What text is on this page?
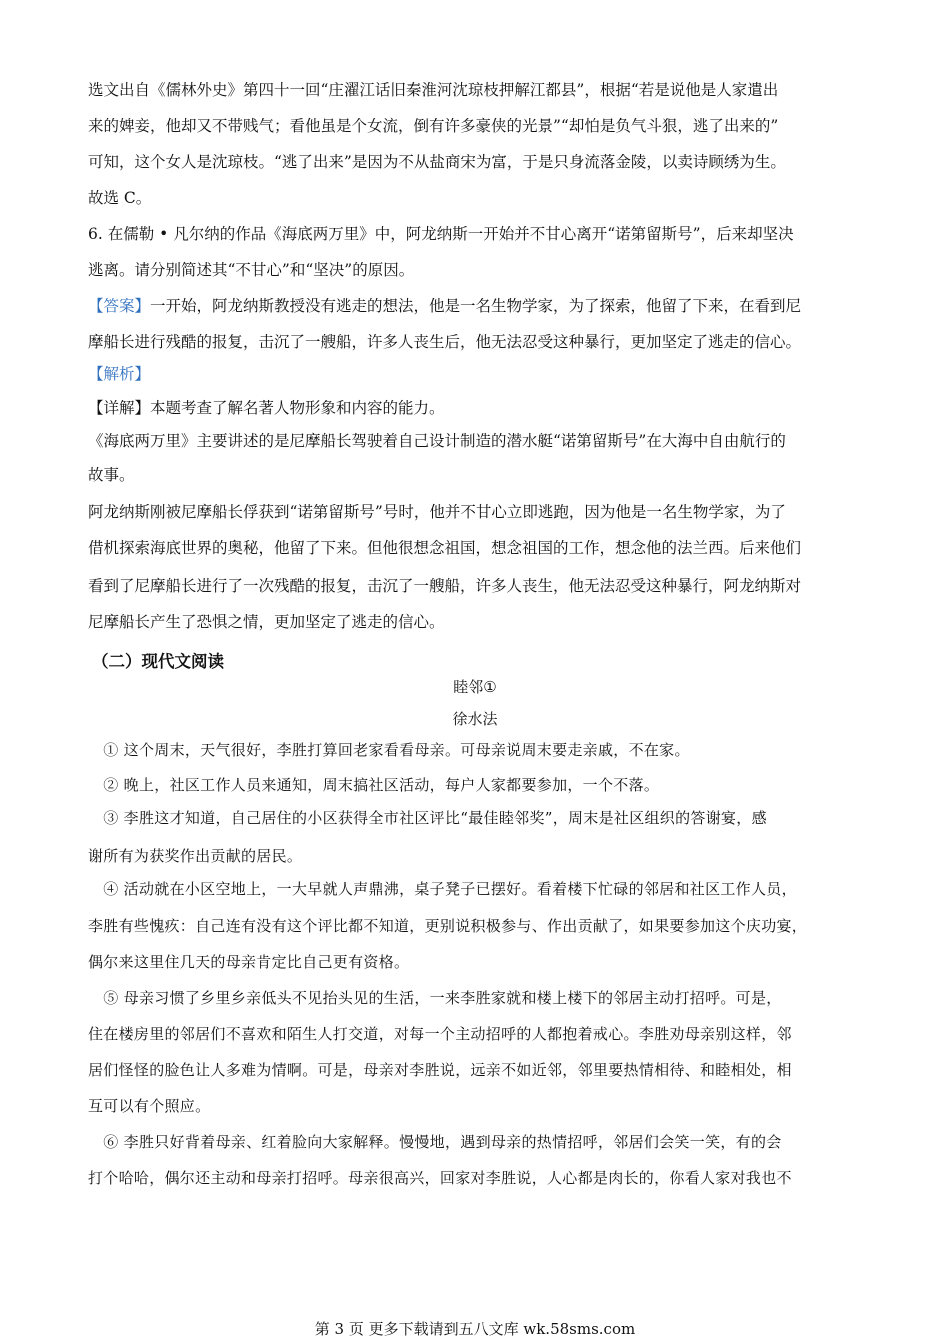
选文出自《儒林外史》第四十一回“庄濯江话旧秦淮河沈琼枝押解江都县”，根据“若是说他是人家遣出
来的婢妾，他却又不带贱气；看他虽是个女流，倒有许多豪侠的光景”“却怕是负气斗狠，逃了出来的”
可知，这个女人是沈琼枝。“逃了出来”是因为不从盐商宋为富，于是只身流落金陵，以卖诗顾绣为生。
故选 C。
6. 在儒勒 • 凡尔纳的作品《海底两万里》中，阿龙纳斯一开始并不甘心离开“诺第留斯号”，后来却坚决
逃离。请分别简述其“不甘心”和“坚决”的原因。
【答案】一开始，阿龙纳斯教授没有逃走的想法，他是一名生物学家，为了探索，他留了下来，在看到尼
摩船长进行残酷的报复，击沉了一艘船，许多人丧生后，他无法忍受这种暴行，更加坚定了逃走的信心。
【解析】
【详解】本题考查了解名著人物形象和内容的能力。
《海底两万里》主要讲述的是尼摩船长驾驶着自己设计制造的潜水艇“诺第留斯号”在大海中自由航行的
故事。
阿龙纳斯刚被尼摩船长俘获到“诺第留斯号”号时，他并不甘心立即逃跑，因为他是一名生物学家，为了
借机探索海底世界的奥秘，他留了下来。但他很想念祖国，想念祖国的工作，想念他的法兰西。后来他们
看到了尼摩船长进行了一次残酷的报复，击沉了一艘船，许多人丧生，他无法忍受这种暴行，阿龙纳斯对
尼摩船长产生了恐惧之情，更加坚定了逃走的信心。
（二）现代文阅读
睦邻①
徐水法
　① 这个周末，天气很好，李胜打算回老家看看母亲。可母亲说周末要走亲戚，不在家。
　② 晚上，社区工作人员来通知，周末搞社区活动，每户人家都要参加，一个不落。
　③ 李胜这才知道，自己居住的小区获得全市社区评比“最佳睦邻奖”，周末是社区组织的答谢宴，感
谢所有为获奖作出贡献的居民。
　④ 活动就在小区空地上，一大早就人声鼎沸，桌子凳子已摆好。看着楼下忙碌的邻居和社区工作人员，
李胜有些愧疚：自己连有没有这个评比都不知道，更别说积极参与、作出贡献了，如果要参加这个庆功宴，
偶尔来这里住几天的母亲肯定比自己更有资格。
　⑤ 母亲习惯了乡里乡亲低头不见抬头见的生活，一来李胜家就和楼上楼下的邻居主动打招呼。可是，
住在楼房里的邻居们不喜欢和陌生人打交道，对每一个主动招呼的人都抱着戒心。李胜劝母亲别这样，邻
居们怪怪的脸色让人多难为情啊。可是，母亲对李胜说，远亲不如近邻，邻里要热情相待、和睦相处，相
互可以有个照应。
　⑥ 李胜只好背着母亲、红着脸向大家解释。慢慢地，遇到母亲的热情招呼，邻居们会笑一笑，有的会
打个哈哈，偶尔还主动和母亲打招呼。母亲很高兴，回家对李胜说，人心都是肉长的，你看人家对我也不
第 3 页 更多下载请到五八文库 wk.58sms.com
